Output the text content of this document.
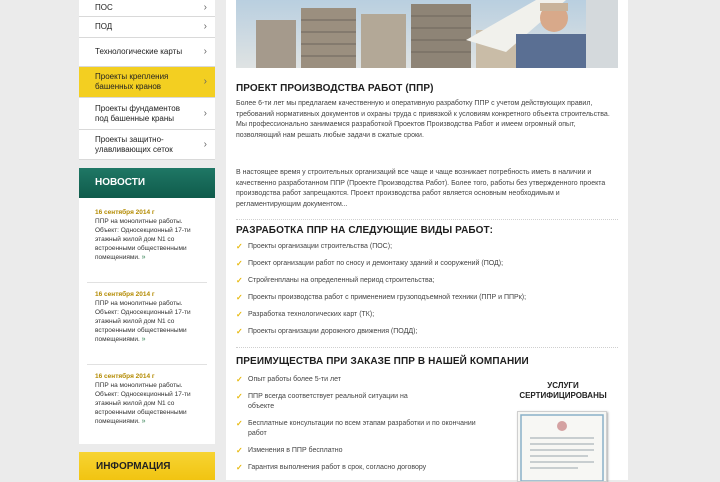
ПОС	›
ПОД	›
Технологические карты ›
Проекты крепления башенных кранов	›
Проекты фундаментов под башенные краны	›
Проекты защитно-улавливающих сеток	›
НОВОСТИ
16 сентября 2014 г
ППР на монолитные работы. Объект: Односекционный 17-ти этажный жилой дом N1 со встроенными общественными помещениями. »
16 сентября 2014 г
ППР на монолитные работы. Объект: Односекционный 17-ти этажный жилой дом N1 со встроенными общественными помещениями. »
16 сентября 2014 г
ППР на монолитные работы. Объект: Односекционный 17-ти этажный жилой дом N1 со встроенными общественными помещениями. »
ИНФОРМАЦИЯ
ПРОЕКТ ПРОИЗВОДСТВА РАБОТ (ППР)
Более 6-ти лет мы предлагаем качественную и оперативную разработку ППР с учетом действующих правил, требований нормативных документов и охраны труда с привязкой к условиям конкретного объекта строительства. Мы профессионально занимаемся разработкой Проектов Производства Работ и имеем огромный опыт, позволяющий нам решать любые задачи в сжатые сроки.
В настоящее время у строительных организаций все чаще и чаще возникает потребность иметь в наличии и качественно разработанном ППР (Проекте Производства Работ). Более того, работы без утвержденного проекта производства работ запрещаются. Проект производства работ является основным необходимым и регламентирующим документом...
РАЗРАБОТКА ППР НА СЛЕДУЮЩИЕ ВИДЫ РАБОТ:
✓ Проекты организации строительства (ПОС);
✓ Проект организации работ по сносу и демонтажу зданий и сооружений (ПОД);
✓ Стройгенпланы на определенный период строительства;
✓ Проекты производства работ с применением грузоподъемной техники (ППР и ППРк);
✓ Разработка технологических карт (ТК);
✓ Проекты организации дорожного движения (ПОДД);
ПРЕИМУЩЕСТВА ПРИ ЗАКАЗЕ ППР В НАШЕЙ КОМПАНИИ
✓ Опыт работы более 5-ти лет
✓ ППР всегда соответствует реальной ситуации на объекте
✓ Бесплатные консультации по всем этапам разработки и по окончании работ
✓ Изменения в ППР бесплатно
✓ Гарантия выполнения работ в срок, согласно договору
УСЛУГИ СЕРТИФИЦИРОВАНЫ
